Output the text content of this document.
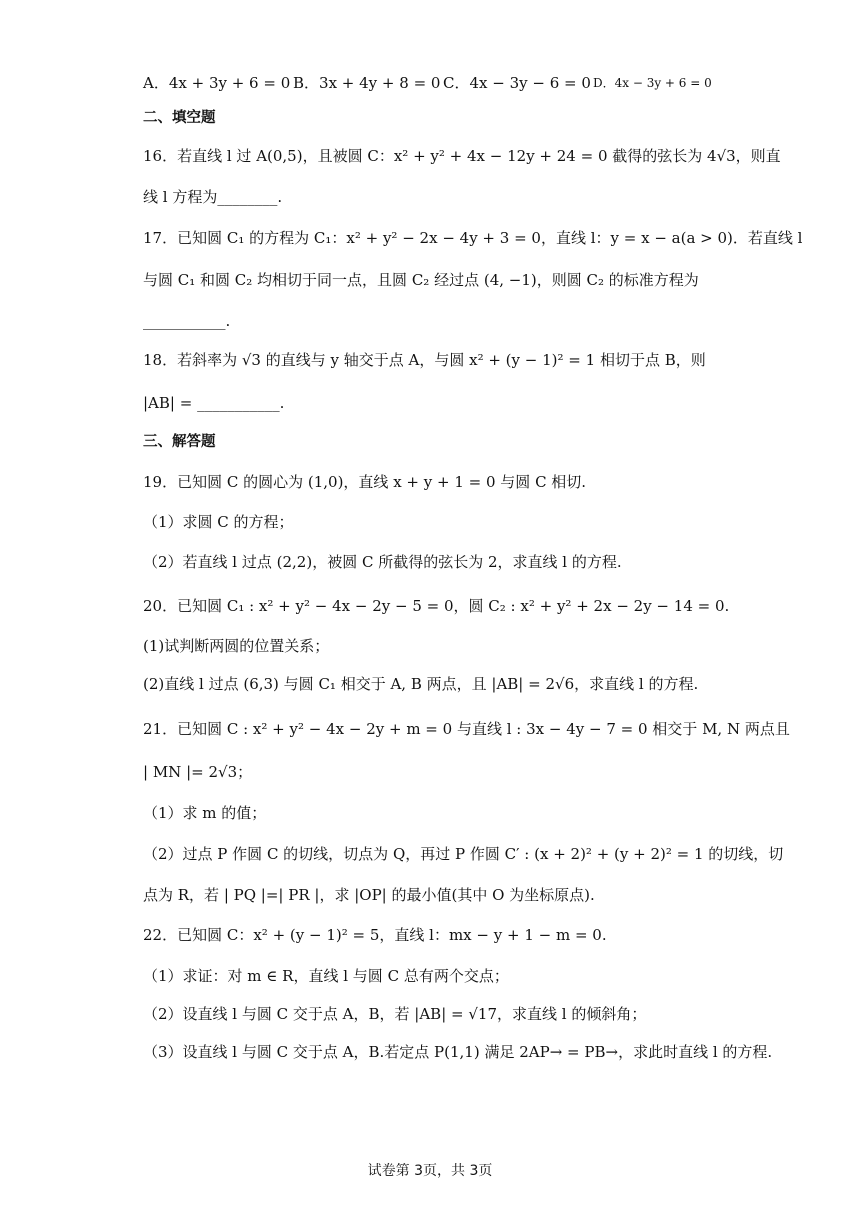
A．4x + 3y + 6 = 0 B．3x + 4y + 8 = 0 C．4x − 3y − 6 = 0 D．4x − 3y + 6 = 0
二、填空题
16．若直线 l 过 A(0,5)，且被圆 C：x² + y² + 4x − 12y + 24 = 0 截得的弦长为 4√3，则直
线 l 方程为________.
17．已知圆 C₁ 的方程为 C₁：x² + y² − 2x − 4y + 3 = 0，直线 l：y = x − a(a > 0)．若直线 l
与圆 C₁ 和圆 C₂ 均相切于同一点，且圆 C₂ 经过点 (4, −1)，则圆 C₂ 的标准方程为
___________.
18．若斜率为 √3 的直线与 y 轴交于点 A，与圆 x² + (y − 1)² = 1 相切于点 B，则
|AB| = ___________.
三、解答题
19．已知圆 C 的圆心为 (1,0)，直线 x + y + 1 = 0 与圆 C 相切.
（1）求圆 C 的方程；
（2）若直线 l 过点 (2,2)，被圆 C 所截得的弦长为 2，求直线 l 的方程.
20．已知圆 C₁ : x² + y² − 4x − 2y − 5 = 0，圆 C₂ : x² + y² + 2x − 2y − 14 = 0.
(1)试判断两圆的位置关系；
(2)直线 l 过点 (6,3) 与圆 C₁ 相交于 A, B 两点，且 |AB| = 2√6，求直线 l 的方程.
21．已知圆 C : x² + y² − 4x − 2y + m = 0 与直线 l : 3x − 4y − 7 = 0 相交于 M, N 两点且
| MN |= 2√3；
（1）求 m 的值；
（2）过点 P 作圆 C 的切线，切点为 Q，再过 P 作圆 C′ : (x + 2)² + (y + 2)² = 1 的切线，切
点为 R，若 | PQ |=| PR |，求 |OP| 的最小值(其中 O 为坐标原点).
22．已知圆 C：x² + (y − 1)² = 5，直线 l：mx − y + 1 − m = 0.
（1）求证：对 m ∈ R，直线 l 与圆 C 总有两个交点；
（2）设直线 l 与圆 C 交于点 A，B，若 |AB| = √17，求直线 l 的倾斜角；
（3）设直线 l 与圆 C 交于点 A，B.若定点 P(1,1) 满足 2AP→ = PB→，求此时直线 l 的方程.
试卷第 3页，共 3页
